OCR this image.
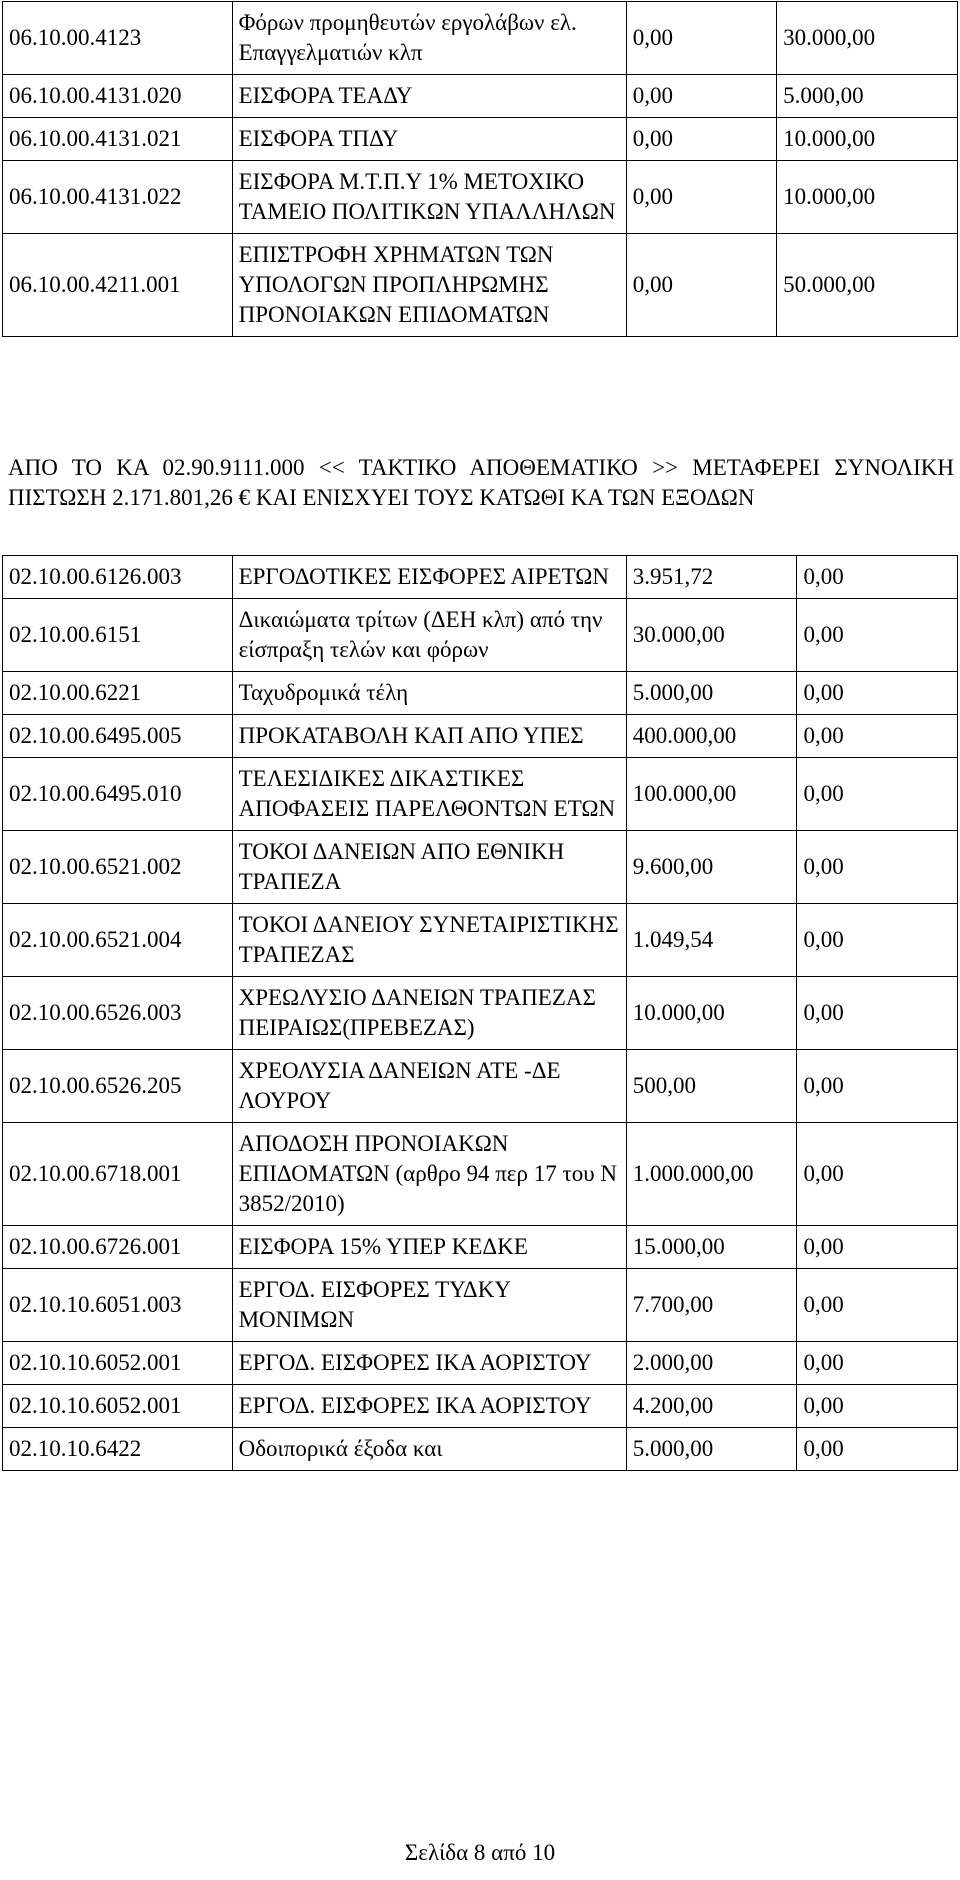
06.10.00.4123	Φόρων προμηθευτών εργολάβων ελ. Επαγγελματιών κλπ	0,00	30.000,00
06.10.00.4131.020	ΕΙΣΦΟΡΑ ΤΕΑΔΥ	0,00	5.000,00
06.10.00.4131.021	ΕΙΣΦΟΡΑ ΤΠΔΥ	0,00	10.000,00
06.10.00.4131.022	ΕΙΣΦΟΡΑ Μ.Τ.Π.Υ 1% ΜΕΤΟΧΙΚΟ ΤΑΜΕΙΟ ΠΟΛΙΤΙΚΩΝ ΥΠΑΛΛΗΛΩΝ	0,00	10.000,00
06.10.00.4211.001	ΕΠΙΣΤΡΟΦΗ ΧΡΗΜΑΤΩΝ ΤΩΝ ΥΠΟΛΟΓΩΝ ΠΡΟΠΛΗΡΩΜΗΣ ΠΡΟΝΟΙΑΚΩΝ ΕΠΙΔΟΜΑΤΩΝ	0,00	50.000,00
ΑΠΟ ΤΟ ΚΑ 02.90.9111.000 << ΤΑΚΤΙΚΟ ΑΠΟΘΕΜΑΤΙΚΟ >> ΜΕΤΑΦΕΡΕΙ ΣΥΝΟΛΙΚΗ ΠΙΣΤΩΣΗ 2.171.801,26 € ΚΑΙ ΕΝΙΣΧΥΕΙ ΤΟΥΣ ΚΑΤΩΘΙ ΚΑ ΤΩΝ ΕΞΟΔΩΝ
02.10.00.6126.003	ΕΡΓΟΔΟΤΙΚΕΣ ΕΙΣΦΟΡΕΣ ΑΙΡΕΤΩΝ	3.951,72	0,00
02.10.00.6151	Δικαιώματα τρίτων (ΔΕΗ κλπ) από την είσπραξη τελών και φόρων	30.000,00	0,00
02.10.00.6221	Ταχυδρομικά τέλη	5.000,00	0,00
02.10.00.6495.005	ΠΡΟΚΑΤΑΒΟΛΗ ΚΑΠ ΑΠΟ ΥΠΕΣ	400.000,00	0,00
02.10.00.6495.010	ΤΕΛΕΣΙΔΙΚΕΣ ΔΙΚΑΣΤΙΚΕΣ ΑΠΟΦΑΣΕΙΣ ΠΑΡΕΛΘΟΝΤΩΝ ΕΤΩΝ	100.000,00	0,00
02.10.00.6521.002	ΤΟΚΟΙ ΔΑΝΕΙΩΝ ΑΠΟ ΕΘΝΙΚΗ ΤΡΑΠΕΖΑ	9.600,00	0,00
02.10.00.6521.004	ΤΟΚΟΙ ΔΑΝΕΙΟΥ ΣΥΝΕΤΑΙΡΙΣΤΙΚΗΣ ΤΡΑΠΕΖΑΣ	1.049,54	0,00
02.10.00.6526.003	ΧΡΕΩΛΥΣΙΟ ΔΑΝΕΙΩΝ ΤΡΑΠΕΖΑΣ ΠΕΙΡΑΙΩΣ(ΠΡΕΒΕΖΑΣ)	10.000,00	0,00
02.10.00.6526.205	ΧΡΕΟΛΥΣΙΑ ΔΑΝΕΙΩΝ ΑΤΕ -ΔΕ ΛΟΥΡΟΥ	500,00	0,00
02.10.00.6718.001	ΑΠΟΔΟΣΗ ΠΡΟΝΟΙΑΚΩΝ ΕΠΙΔΟΜΑΤΩΝ (αρθρο 94 περ 17 του Ν 3852/2010)	1.000.000,00	0,00
02.10.00.6726.001	ΕΙΣΦΟΡΑ 15% ΥΠΕΡ ΚΕΔΚΕ	15.000,00	0,00
02.10.10.6051.003	ΕΡΓΟΔ. ΕΙΣΦΟΡΕΣ ΤΥΔΚΥ ΜΟΝΙΜΩΝ	7.700,00	0,00
02.10.10.6052.001	ΕΡΓΟΔ. ΕΙΣΦΟΡΕΣ ΙΚΑ ΑΟΡΙΣΤΟΥ	2.000,00	0,00
02.10.10.6052.001	ΕΡΓΟΔ. ΕΙΣΦΟΡΕΣ ΙΚΑ ΑΟΡΙΣΤΟΥ	4.200,00	0,00
02.10.10.6422	Οδοιπορικά έξοδα και	5.000,00	0,00
Σελίδα 8 από 10
